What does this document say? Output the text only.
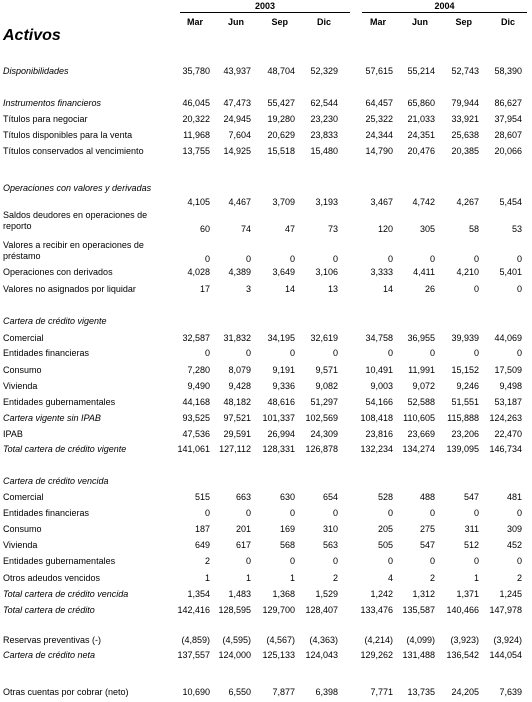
2003	2004
Mar	Jun	Sep	Dic	Mar	Jun	Sep	Dic
Activos
Disponibilidades	35,780	43,937	48,704	52,329	57,615	55,214	52,743	58,390
Instrumentos financieros	46,045	47,473	55,427	62,544	64,457	65,860	79,944	86,627
Títulos para negociar	20,322	24,945	19,280	23,230	25,322	21,033	33,921	37,954
Títulos disponibles para la venta	11,968	7,604	20,629	23,833	24,344	24,351	25,638	28,607
Títulos conservados al vencimiento	13,755	14,925	15,518	15,480	14,790	20,476	20,385	20,066
Operaciones con valores y derivadas
4,105	4,467	3,709	3,193	3,467	4,742	4,267	5,454
Saldos deudores en operaciones de reporto	60	74	47	73	120	305	58	53
Valores a recibir en operaciones de préstamo	0	0	0	0	0	0	0	0
Operaciones con derivados	4,028	4,389	3,649	3,106	3,333	4,411	4,210	5,401
Valores no asignados por liquidar	17	3	14	13	14	26	0	0
Cartera de crédito vigente
Comercial	32,587	31,832	34,195	32,619	34,758	36,955	39,939	44,069
Entidades financieras	0	0	0	0	0	0	0	0
Consumo	7,280	8,079	9,191	9,571	10,491	11,991	15,152	17,509
Vivienda	9,490	9,428	9,336	9,082	9,003	9,072	9,246	9,498
Entidades gubernamentales	44,168	48,182	48,616	51,297	54,166	52,588	51,551	53,187
Cartera vigente sin IPAB	93,525	97,521	101,337	102,569	108,418	110,605	115,888	124,263
IPAB	47,536	29,591	26,994	24,309	23,816	23,669	23,206	22,470
Total cartera de crédito vigente	141,061	127,112	128,331	126,878	132,234	134,274	139,095	146,734
Cartera de crédito vencida
Comercial	515	663	630	654	528	488	547	481
Entidades financieras	0	0	0	0	0	0	0	0
Consumo	187	201	169	310	205	275	311	309
Vivienda	649	617	568	563	505	547	512	452
Entidades gubernamentales	2	0	0	0	0	0	0	0
Otros adeudos vencidos	1	1	1	2	4	2	1	2
Total cartera de crédito vencida	1,354	1,483	1,368	1,529	1,242	1,312	1,371	1,245
Total cartera de crédito	142,416 128,595	129,700	128,407	133,476	135,587	140,466	147,978
Reservas preventivas (-)	(4,859)	(4,595)	(4,567)	(4,363)	(4,214)	(4,099)	(3,923)	(3,924)
Cartera de crédito neta	137,557 124,000	125,133	124,043	129,262	131,488	136,542	144,054
Otras cuentas por cobrar (neto)	10,690	6,550	7,877	6,398	7,771	13,735	24,205	7,639
